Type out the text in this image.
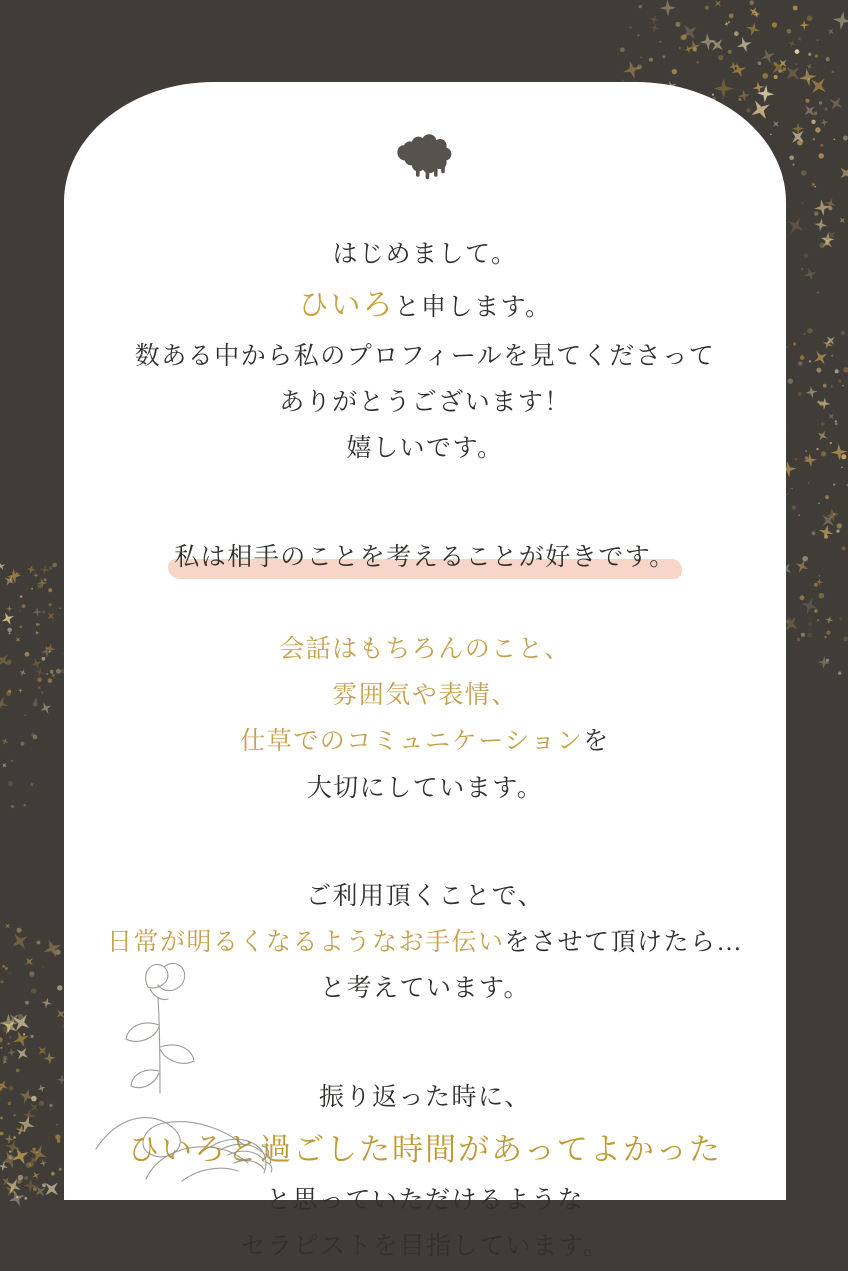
はじめまして。
ひいろと申します。
数ある中から私のプロフィールを見てくださって
ありがとうございます！
嬉しいです。
私は相手のことを考えることが好きです。
会話はもちろんのこと、
雰囲気や表情、
仕草でのコミュニケーションを
大切にしています。
ご利用頂くことで、
日常が明るくなるようなお手伝いをさせて頂けたら…
と考えています。
振り返った時に、
ひいろと過ごした時間があってよかった
と思っていただけるような
セラピストを目指しています。
